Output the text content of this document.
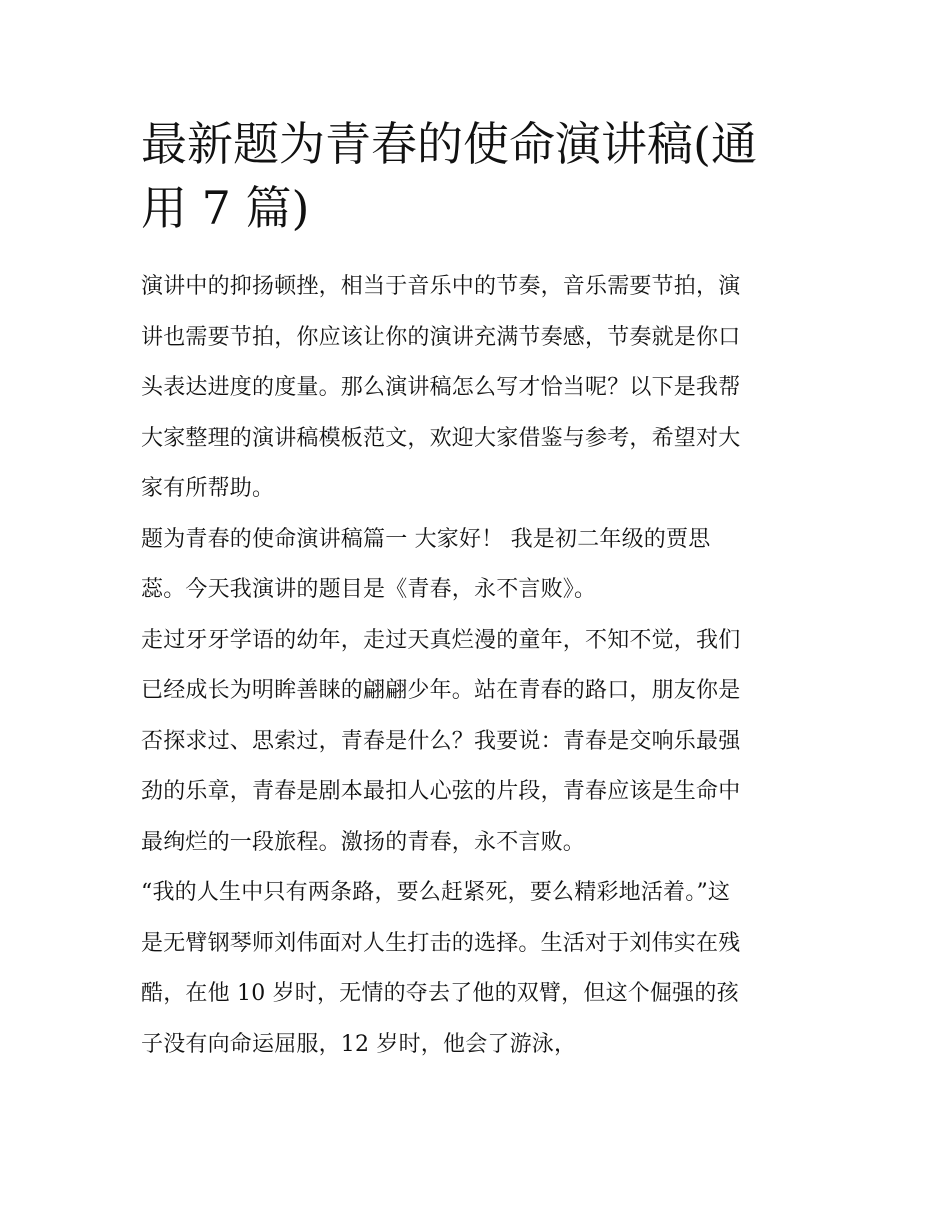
最新题为青春的使命演讲稿(通
用 7 篇)

演讲中的抑扬顿挫，相当于音乐中的节奏，音乐需要节拍，演
讲也需要节拍，你应该让你的演讲充满节奏感，节奏就是你口
头表达进度的度量。那么演讲稿怎么写才恰当呢？以下是我帮
大家整理的演讲稿模板范文，欢迎大家借鉴与参考，希望对大
家有所帮助。

题为青春的使命演讲稿篇一 大家好！ 我是初二年级的贾思
蕊。今天我演讲的题目是《青春，永不言败》。

走过牙牙学语的幼年，走过天真烂漫的童年，不知不觉，我们
已经成长为明眸善睐的翩翩少年。站在青春的路口，朋友你是
否探求过、思索过，青春是什么？我要说：青春是交响乐最强
劲的乐章，青春是剧本最扣人心弦的片段，青春应该是生命中
最绚烂的一段旅程。激扬的青春，永不言败。

“我的人生中只有两条路，要么赶紧死，要么精彩地活着。”这
是无臂钢琴师刘伟面对人生打击的选择。生活对于刘伟实在残
酷，在他 10 岁时，无情的夺去了他的双臂，但这个倔强的孩
子没有向命运屈服，12 岁时，他会了游泳，
